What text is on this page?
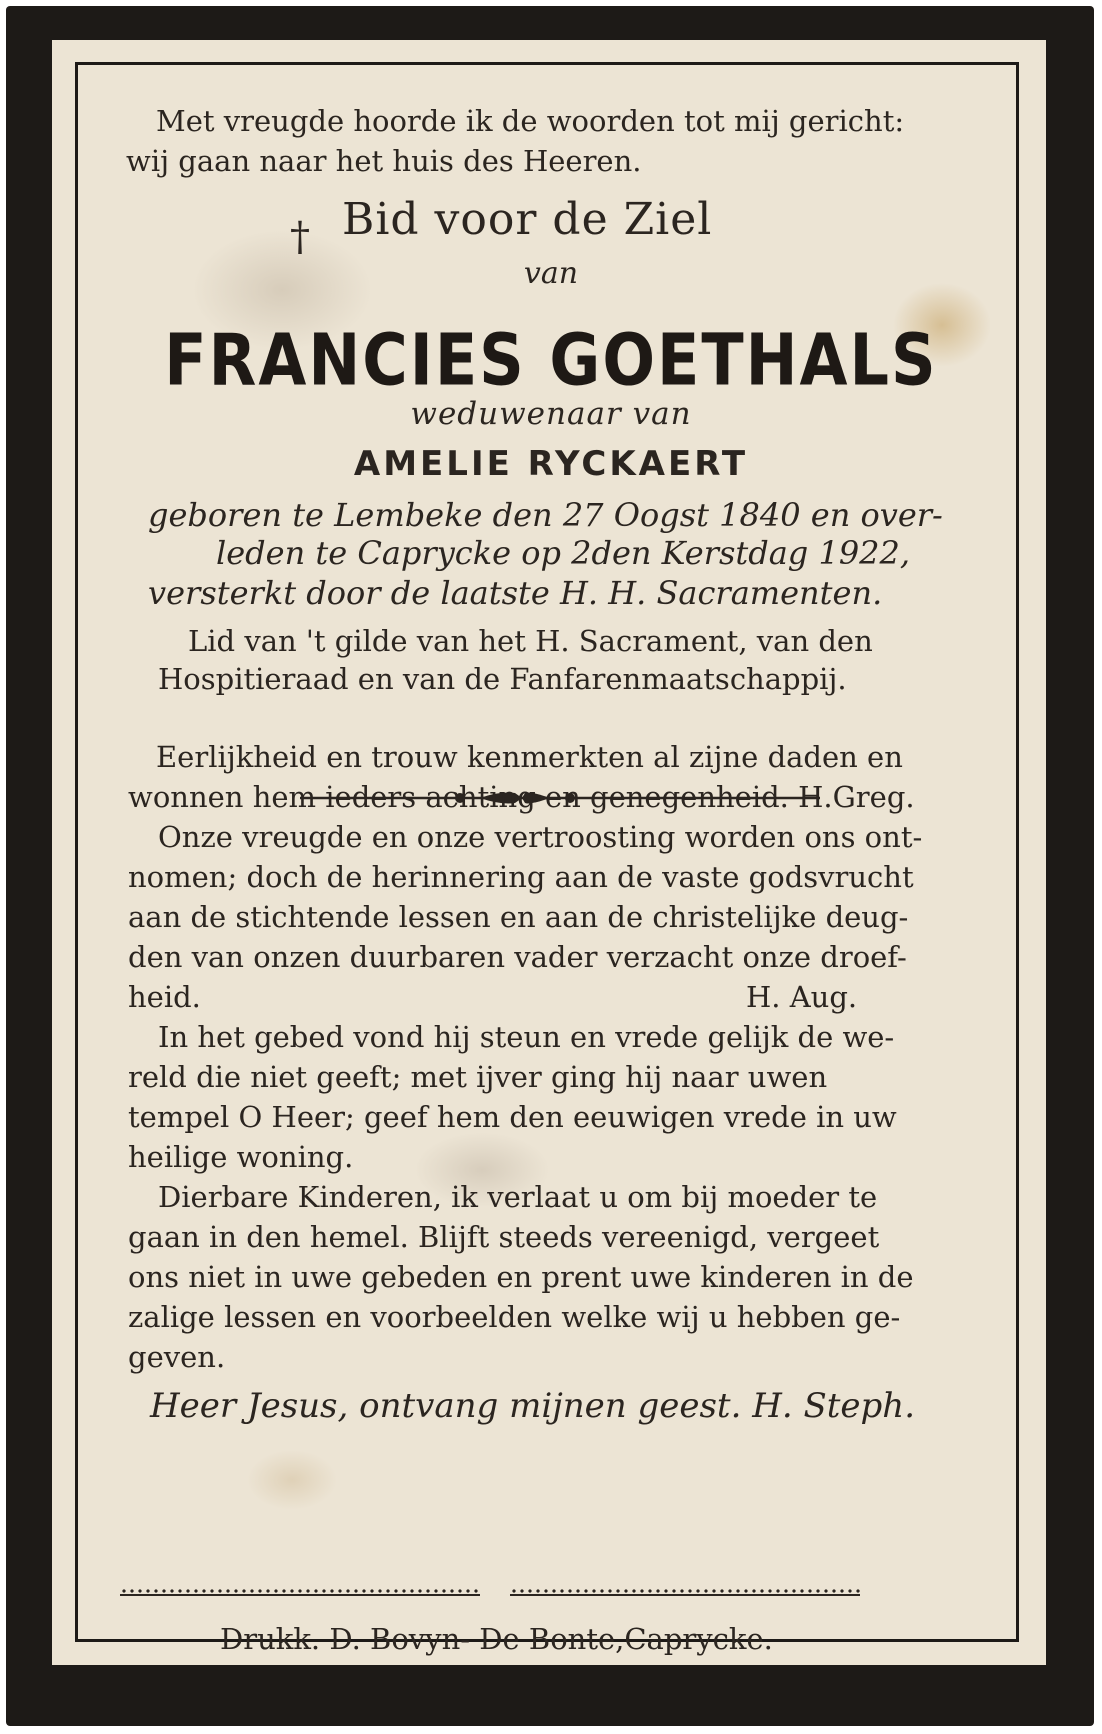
Met vreugde hoorde ik de woorden tot mij gericht:

wij gaan naar het huis des Heeren.

† Bid voor de Ziel

van

FRANCIES GOETHALS

weduwenaar van

AMELIE RYCKAERT

geboren te Lembeke den 27 Oogst 1840 en over-

leden te Caprycke op 2den Kerstdag 1922,

versterkt door de laatste H. H. Sacramenten.

Lid van 't gilde van het H. Sacrament, van den

Hospitieraad en van de Fanfarenmaatschappij.

Eerlijkheid en trouw kenmerkten al zijne daden en

wonnen hem ieders achting en genegenheid. H.Greg.

Onze vreugde en onze vertroosting worden ons ont-

nomen; doch de herinnering aan de vaste godsvrucht

aan de stichtende lessen en aan de christelijke deug-

den van onzen duurbaren vader verzacht onze droef-

heid.	H. Aug.

In het gebed vond hij steun en vrede gelijk de we-

reld die niet geeft; met ijver ging hij naar uwen

tempel O Heer; geef hem den eeuwigen vrede in uw

heilige woning.

Dierbare Kinderen, ik verlaat u om bij moeder te

gaan in den hemel. Blijft steeds vereenigd, vergeet

ons niet in uwe gebeden en prent uwe kinderen in de

zalige lessen en voorbeelden welke wij u hebben ge-

geven.

Heer Jesus, ontvang mijnen geest. H. Steph.

Drukk. D. Bovyn- De Bonte,Caprycke.
